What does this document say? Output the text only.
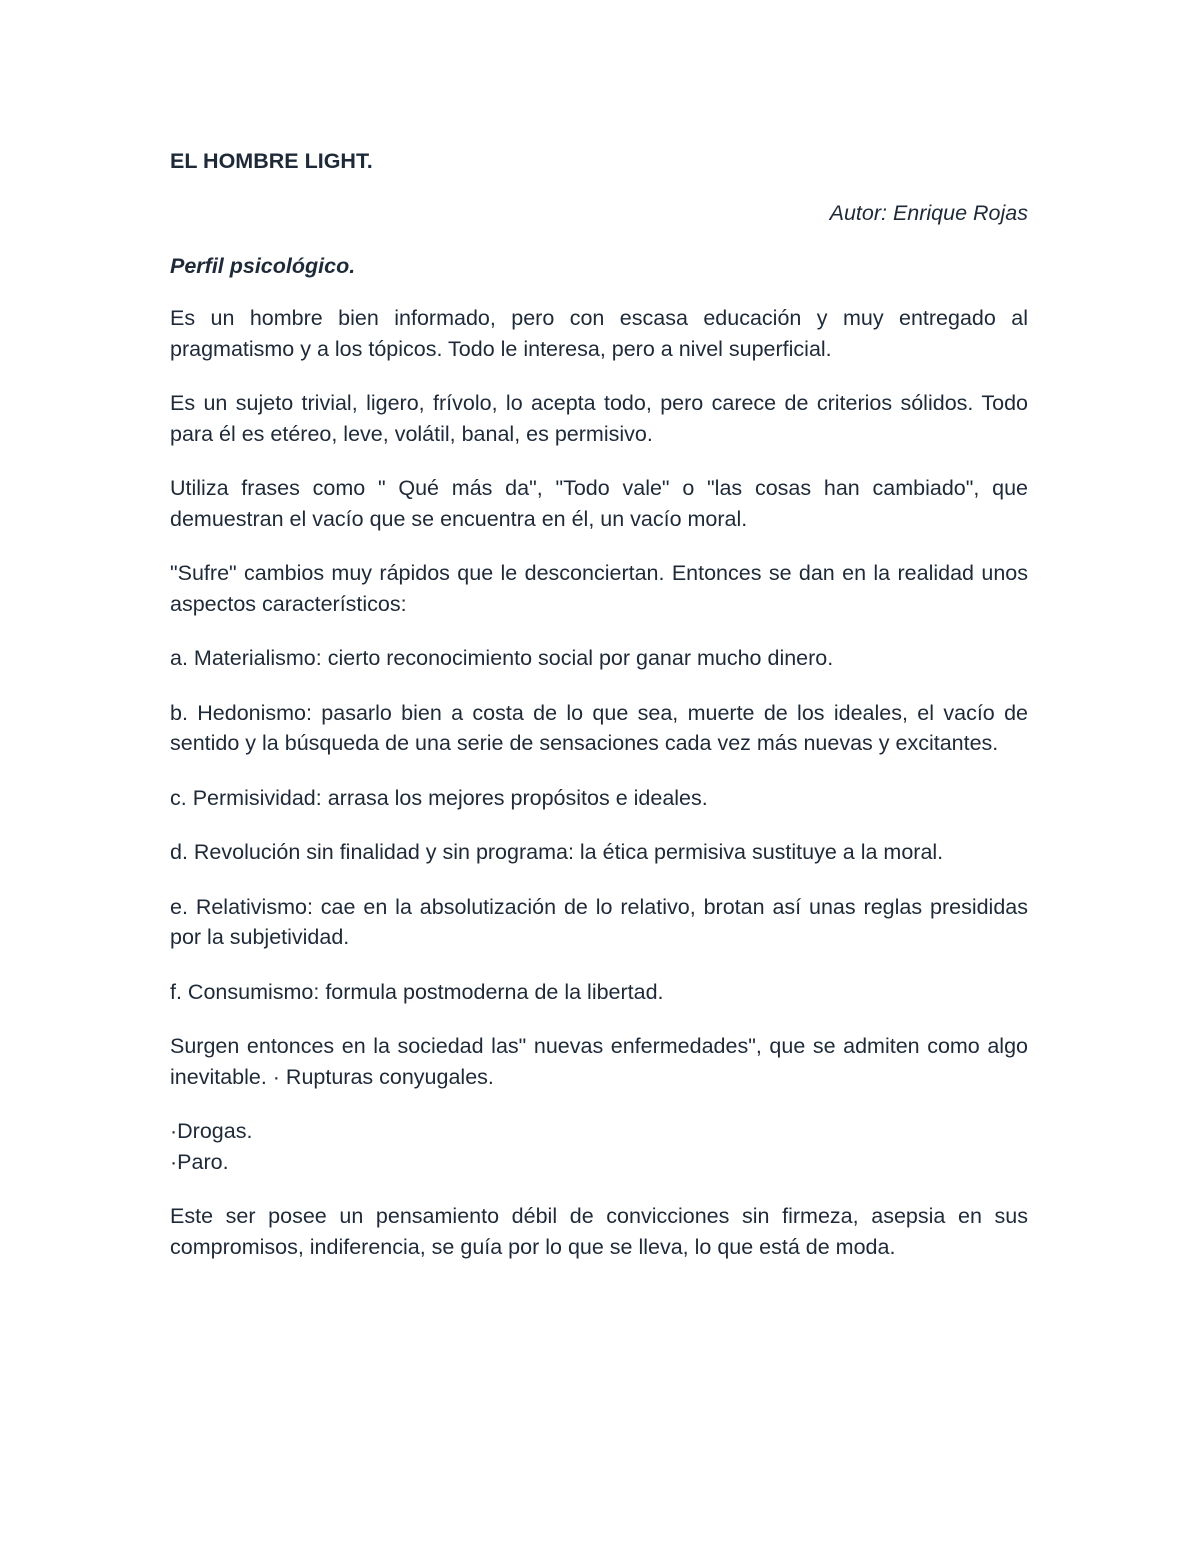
EL HOMBRE LIGHT.
Autor: Enrique Rojas
Perfil psicológico.

Es un hombre bien informado, pero con escasa educación y muy entregado al pragmatismo y a los tópicos. Todo le interesa, pero a nivel superficial.

Es un sujeto trivial, ligero, frívolo, lo acepta todo, pero carece de criterios sólidos. Todo para él es etéreo, leve, volátil, banal, es permisivo.

Utiliza frases como " Qué más da", "Todo vale" o "las cosas han cambiado", que demuestran el vacío que se encuentra en él, un vacío moral.

"Sufre" cambios muy rápidos que le desconciertan. Entonces se dan en la realidad unos aspectos característicos:

a. Materialismo: cierto reconocimiento social por ganar mucho dinero.

b. Hedonismo: pasarlo bien a costa de lo que sea, muerte de los ideales, el vacío de sentido y la búsqueda de una serie de sensaciones cada vez más nuevas y excitantes.

c. Permisividad: arrasa los mejores propósitos e ideales.

d. Revolución sin finalidad y sin programa: la ética permisiva sustituye a la moral.

e. Relativismo: cae en la absolutización de lo relativo, brotan así unas reglas presididas por la subjetividad.

f. Consumismo: formula postmoderna de la libertad.

Surgen entonces en la sociedad las" nuevas enfermedades", que se admiten como algo inevitable. · Rupturas conyugales.

·Drogas.
·Paro.

Este ser posee un pensamiento débil de convicciones sin firmeza, asepsia en sus compromisos, indiferencia, se guía por lo que se lleva, lo que está de moda.
